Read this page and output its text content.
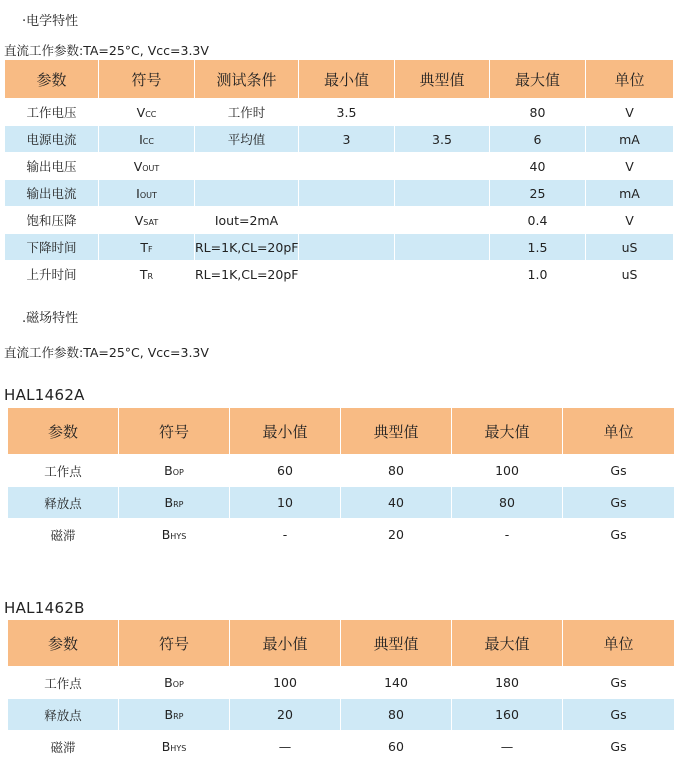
·电学特性
直流工作参数:TA=25°C, Vcc=3.3V
参数	符号	测试条件	最小值	典型值	最大值	单位
工作电压	VCC	工作时	3.5		80	V
电源电流	ICC	平均值	3	3.5	6	mA
输出电压	VOUT				40	V
输出电流	IOUT				25	mA
饱和压降	VSAT	Iout=2mA			0.4	V
下降时间	TF	RL=1K,CL=20pF			1.5	uS
上升时间	TR	RL=1K,CL=20pF			1.0	uS
.磁场特性
直流工作参数:TA=25°C, Vcc=3.3V
HAL1462A
参数	符号	最小值	典型值	最大值	单位
工作点	BOP	60	80	100	Gs
释放点	BRP	10	40	80	Gs
磁滞	BHYS	-	20	-	Gs
HAL1462B
参数	符号	最小值	典型值	最大值	单位
工作点	BOP	100	140	180	Gs
释放点	BRP	20	80	160	Gs
磁滞	BHYS	—	60	—	Gs
